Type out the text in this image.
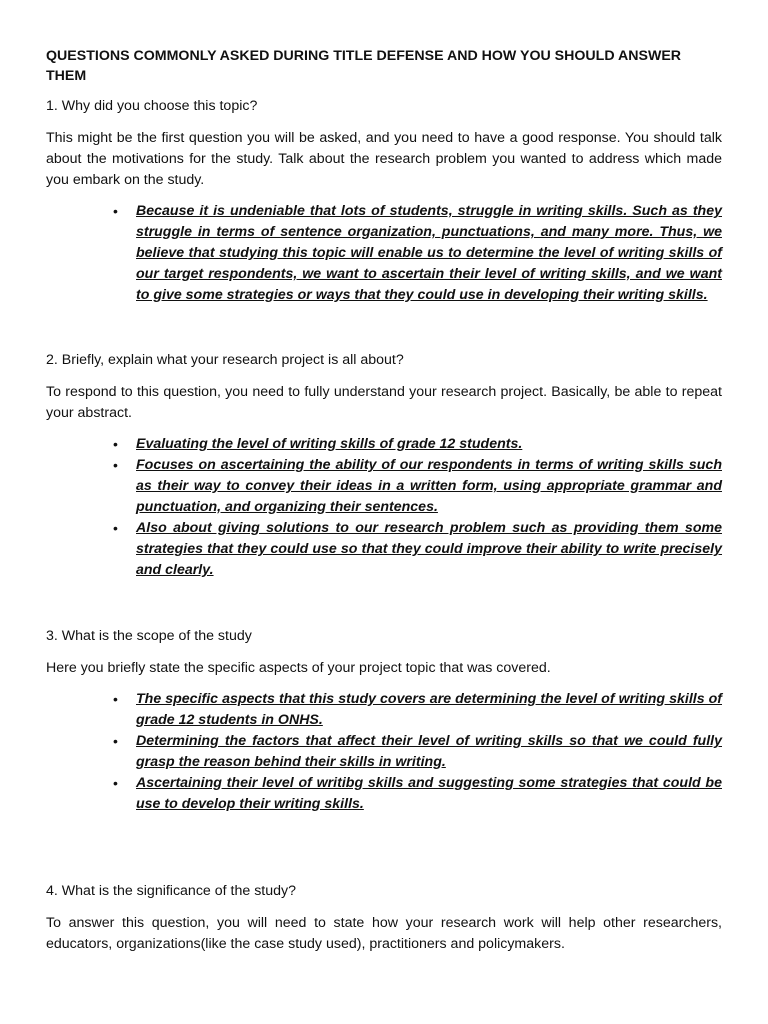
QUESTIONS COMMONLY ASKED DURING TITLE DEFENSE AND HOW YOU SHOULD ANSWER THEM
1. Why did you choose this topic?

This might be the first question you will be asked, and you need to have a good response. You should talk about the motivations for the study. Talk about the research problem you wanted to address which made you embark on the study.

• Because it is undeniable that lots of students, struggle in writing skills. Such as they struggle in terms of sentence organization, punctuations, and many more. Thus, we believe that studying this topic will enable us to determine the level of writing skills of our target respondents, we want to ascertain their level of writing skills, and we want to give some strategies or ways that they could use in developing their writing skills.
2. Briefly, explain what your research project is all about?

To respond to this question, you need to fully understand your research project. Basically, be able to repeat your abstract.

• Evaluating the level of writing skills of grade 12 students.
• Focuses on ascertaining the ability of our respondents in terms of writing skills such as their way to convey their ideas in a written form, using appropriate grammar and punctuation, and organizing their sentences.
• Also about giving solutions to our research problem such as providing them some strategies that they could use so that they could improve their ability to write precisely and clearly.
3. What is the scope of the study

Here you briefly state the specific aspects of your project topic that was covered.

• The specific aspects that this study covers are determining the level of writing skills of grade 12 students in ONHS.
• Determining the factors that affect their level of writing skills so that we could fully grasp the reason behind their skills in writing.
• Ascertaining their level of writibg skills and suggesting some strategies that could be use to develop their writing skills.
4. What is the significance of the study?

To answer this question, you will need to state how your research work will help other researchers, educators, organizations(like the case study used), practitioners and policymakers.
